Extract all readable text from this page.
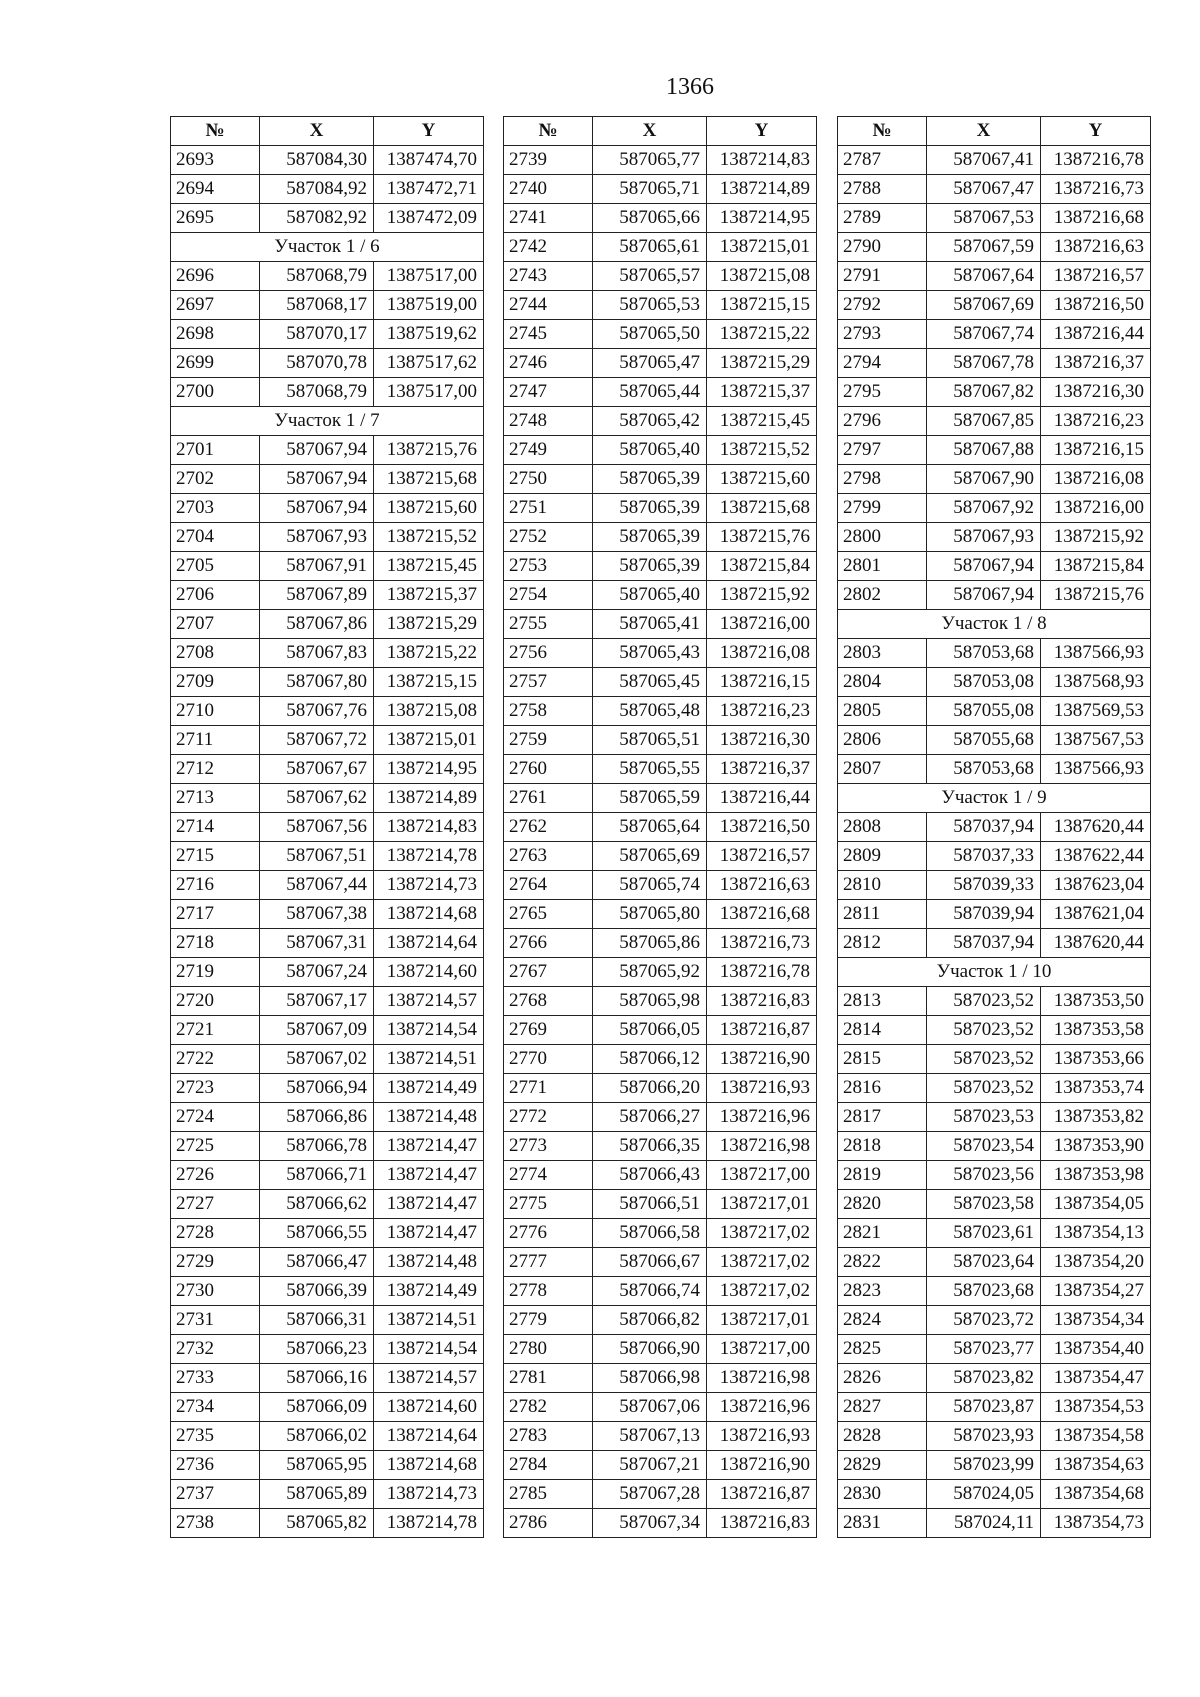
1366
№	X	Y
2693	587084,30	1387474,70
2694	587084,92	1387472,71
2695	587082,92	1387472,09
Участок 1 / 6		
2696	587068,79	1387517,00
2697	587068,17	1387519,00
2698	587070,17	1387519,62
2699	587070,78	1387517,62
2700	587068,79	1387517,00
Участок 1 / 7		
2701	587067,94	1387215,76
2702	587067,94	1387215,68
2703	587067,94	1387215,60
2704	587067,93	1387215,52
2705	587067,91	1387215,45
2706	587067,89	1387215,37
2707	587067,86	1387215,29
2708	587067,83	1387215,22
2709	587067,80	1387215,15
2710	587067,76	1387215,08
2711	587067,72	1387215,01
2712	587067,67	1387214,95
2713	587067,62	1387214,89
2714	587067,56	1387214,83
2715	587067,51	1387214,78
2716	587067,44	1387214,73
2717	587067,38	1387214,68
2718	587067,31	1387214,64
2719	587067,24	1387214,60
2720	587067,17	1387214,57
2721	587067,09	1387214,54
2722	587067,02	1387214,51
2723	587066,94	1387214,49
2724	587066,86	1387214,48
2725	587066,78	1387214,47
2726	587066,71	1387214,47
2727	587066,62	1387214,47
2728	587066,55	1387214,47
2729	587066,47	1387214,48
2730	587066,39	1387214,49
2731	587066,31	1387214,51
2732	587066,23	1387214,54
2733	587066,16	1387214,57
2734	587066,09	1387214,60
2735	587066,02	1387214,64
2736	587065,95	1387214,68
2737	587065,89	1387214,73
2738	587065,82	1387214,78
№	X	Y
2739	587065,77	1387214,83
2740	587065,71	1387214,89
2741	587065,66	1387214,95
2742	587065,61	1387215,01
2743	587065,57	1387215,08
2744	587065,53	1387215,15
2745	587065,50	1387215,22
2746	587065,47	1387215,29
2747	587065,44	1387215,37
2748	587065,42	1387215,45
2749	587065,40	1387215,52
2750	587065,39	1387215,60
2751	587065,39	1387215,68
2752	587065,39	1387215,76
2753	587065,39	1387215,84
2754	587065,40	1387215,92
2755	587065,41	1387216,00
2756	587065,43	1387216,08
2757	587065,45	1387216,15
2758	587065,48	1387216,23
2759	587065,51	1387216,30
2760	587065,55	1387216,37
2761	587065,59	1387216,44
2762	587065,64	1387216,50
2763	587065,69	1387216,57
2764	587065,74	1387216,63
2765	587065,80	1387216,68
2766	587065,86	1387216,73
2767	587065,92	1387216,78
2768	587065,98	1387216,83
2769	587066,05	1387216,87
2770	587066,12	1387216,90
2771	587066,20	1387216,93
2772	587066,27	1387216,96
2773	587066,35	1387216,98
2774	587066,43	1387217,00
2775	587066,51	1387217,01
2776	587066,58	1387217,02
2777	587066,67	1387217,02
2778	587066,74	1387217,02
2779	587066,82	1387217,01
2780	587066,90	1387217,00
2781	587066,98	1387216,98
2782	587067,06	1387216,96
2783	587067,13	1387216,93
2784	587067,21	1387216,90
2785	587067,28	1387216,87
2786	587067,34	1387216,83
№	X	Y
2787	587067,41	1387216,78
2788	587067,47	1387216,73
2789	587067,53	1387216,68
2790	587067,59	1387216,63
2791	587067,64	1387216,57
2792	587067,69	1387216,50
2793	587067,74	1387216,44
2794	587067,78	1387216,37
2795	587067,82	1387216,30
2796	587067,85	1387216,23
2797	587067,88	1387216,15
2798	587067,90	1387216,08
2799	587067,92	1387216,00
2800	587067,93	1387215,92
2801	587067,94	1387215,84
2802	587067,94	1387215,76
Участок 1 / 8		
2803	587053,68	1387566,93
2804	587053,08	1387568,93
2805	587055,08	1387569,53
2806	587055,68	1387567,53
2807	587053,68	1387566,93
Участок 1 / 9		
2808	587037,94	1387620,44
2809	587037,33	1387622,44
2810	587039,33	1387623,04
2811	587039,94	1387621,04
2812	587037,94	1387620,44
Участок 1 / 10		
2813	587023,52	1387353,50
2814	587023,52	1387353,58
2815	587023,52	1387353,66
2816	587023,52	1387353,74
2817	587023,53	1387353,82
2818	587023,54	1387353,90
2819	587023,56	1387353,98
2820	587023,58	1387354,05
2821	587023,61	1387354,13
2822	587023,64	1387354,20
2823	587023,68	1387354,27
2824	587023,72	1387354,34
2825	587023,77	1387354,40
2826	587023,82	1387354,47
2827	587023,87	1387354,53
2828	587023,93	1387354,58
2829	587023,99	1387354,63
2830	587024,05	1387354,68
2831	587024,11	1387354,73
